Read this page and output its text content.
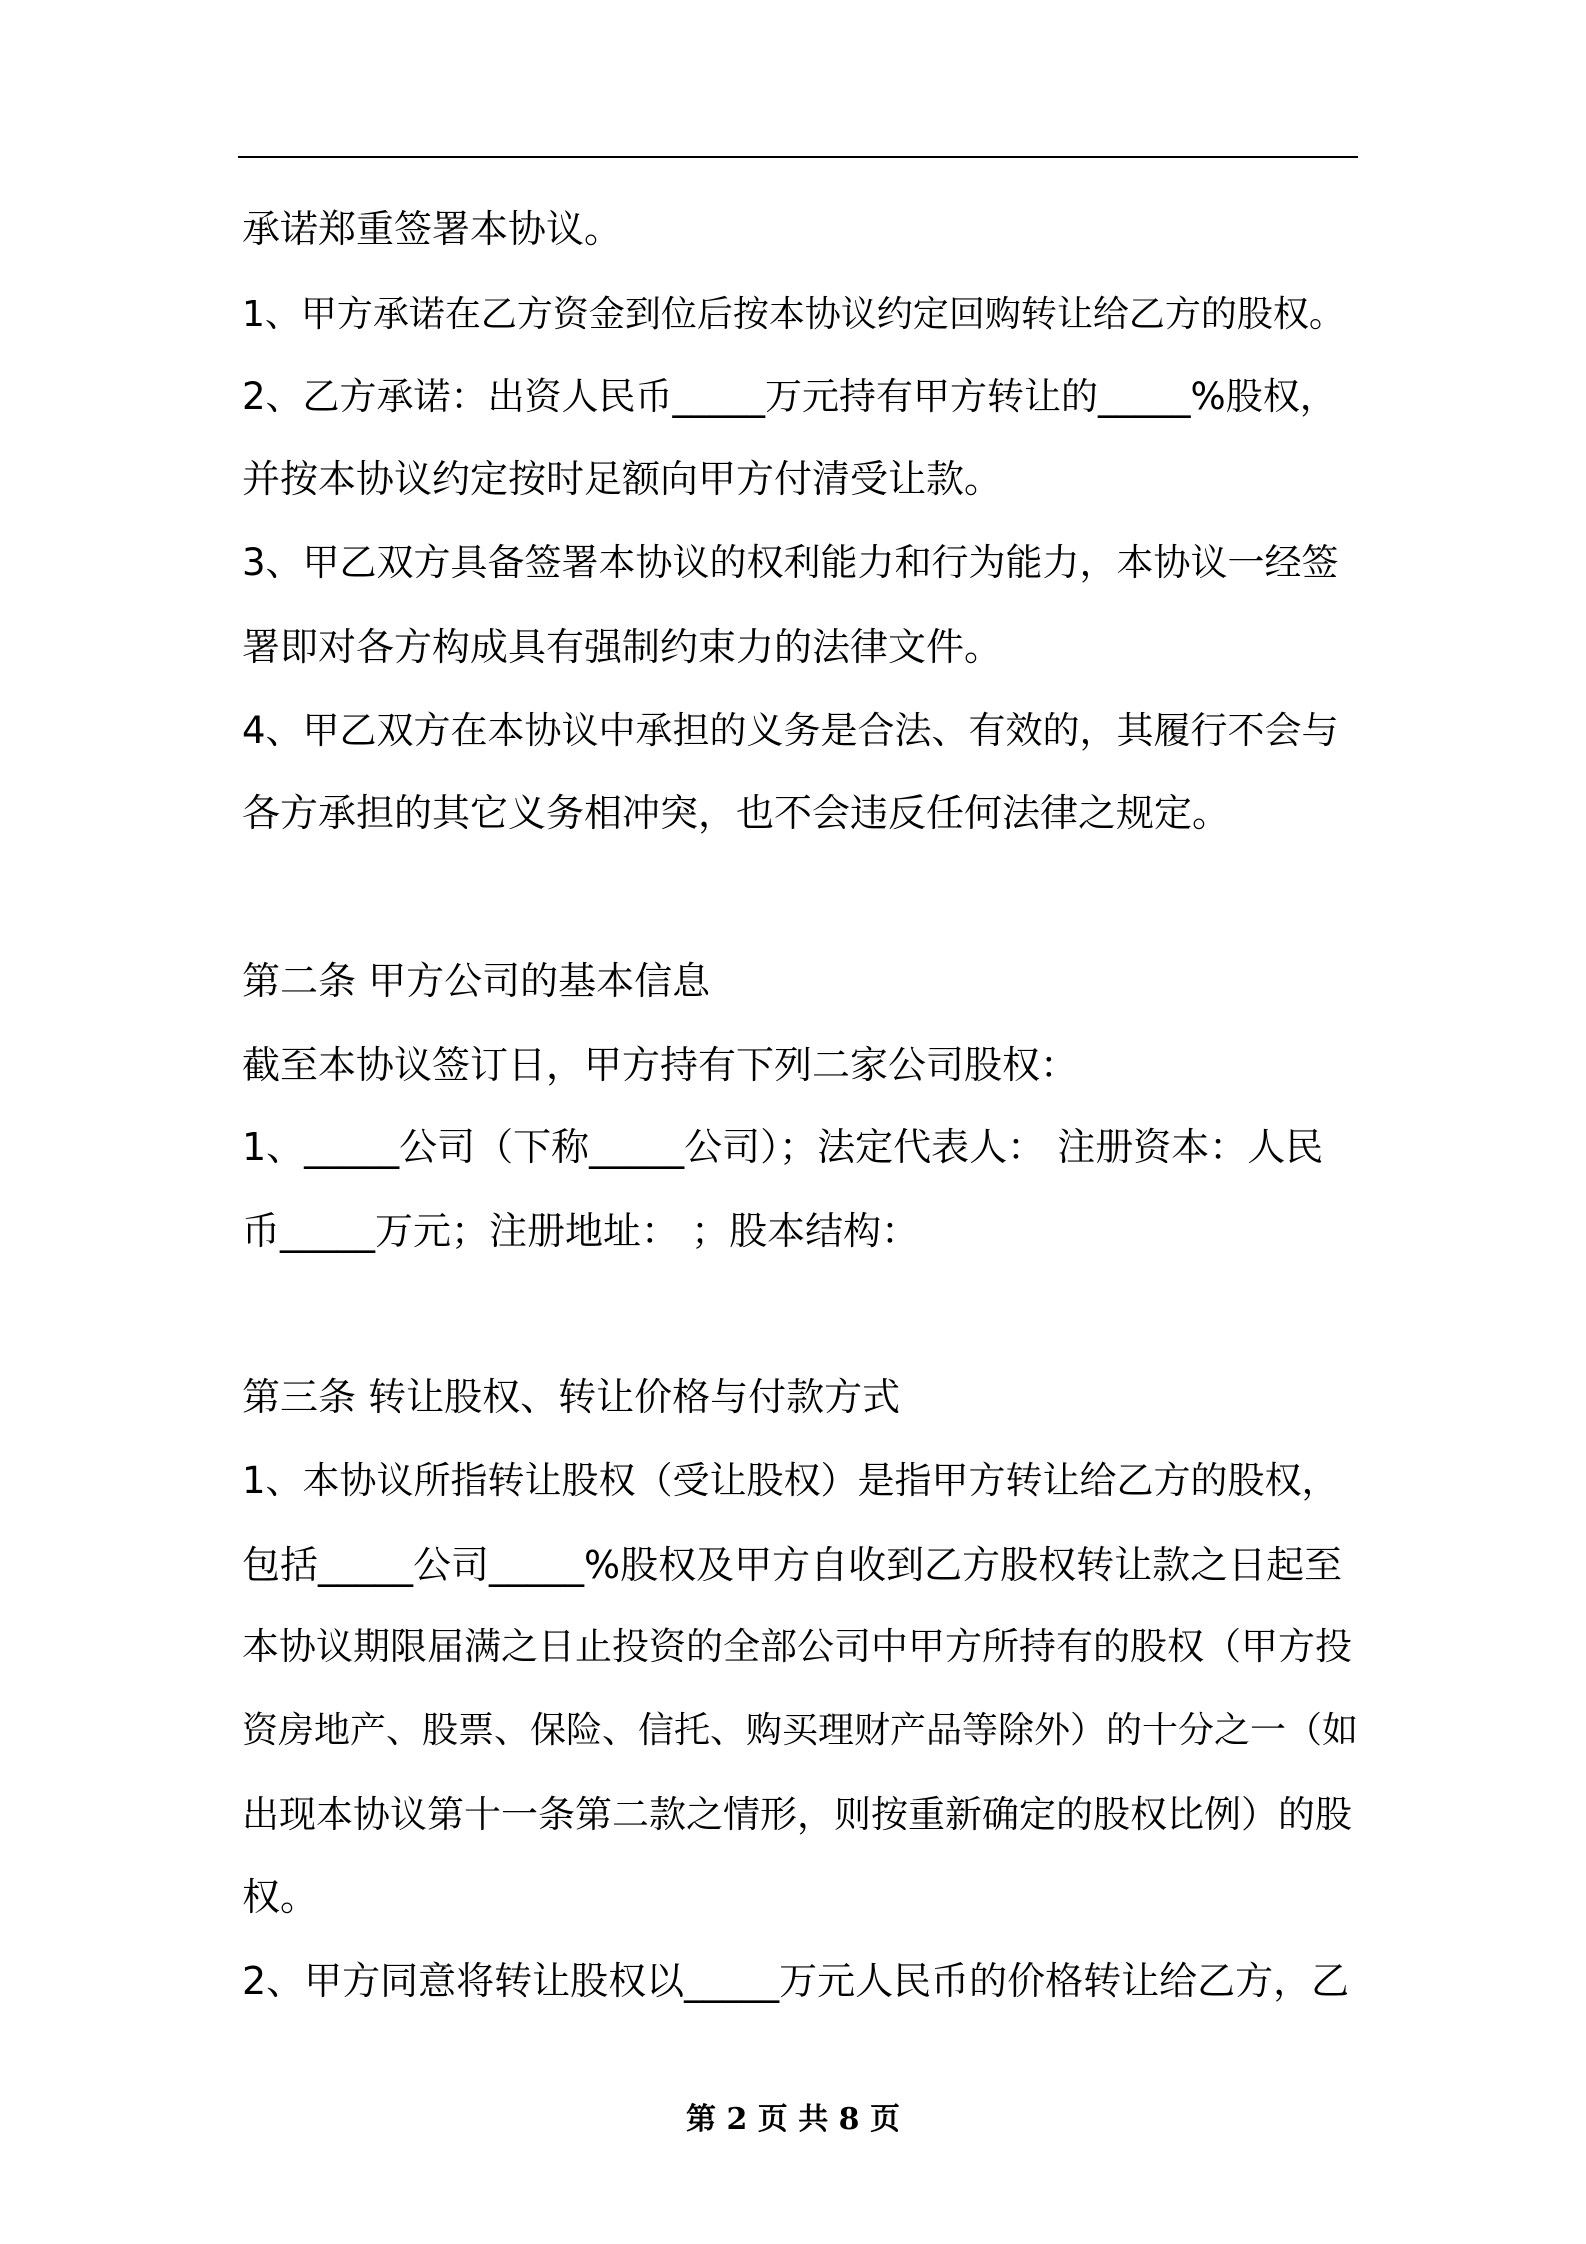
承诺郑重签署本协议。
1、甲方承诺在乙方资金到位后按本协议约定回购转让给乙方的股权。
2、乙方承诺：出资人民币_____万元持有甲方转让的_____%股权，
并按本协议约定按时足额向甲方付清受让款。
3、甲乙双方具备签署本协议的权利能力和行为能力，本协议一经签
署即对各方构成具有强制约束力的法律文件。
4、甲乙双方在本协议中承担的义务是合法、有效的，其履行不会与
各方承担的其它义务相冲突，也不会违反任何法律之规定。
第二条 甲方公司的基本信息
截至本协议签订日，甲方持有下列二家公司股权：
1、_____公司（下称_____公司）；法定代表人： 注册资本：人民
币_____万元；注册地址： ；股本结构：
第三条 转让股权、转让价格与付款方式
1、本协议所指转让股权（受让股权）是指甲方转让给乙方的股权，
包括_____公司_____%股权及甲方自收到乙方股权转让款之日起至
本协议期限届满之日止投资的全部公司中甲方所持有的股权（甲方投
资房地产、股票、保险、信托、购买理财产品等除外）的十分之一（如
出现本协议第十一条第二款之情形，则按重新确定的股权比例）的股
权。
2、甲方同意将转让股权以_____万元人民币的价格转让给乙方，乙
第 2 页 共 8 页
